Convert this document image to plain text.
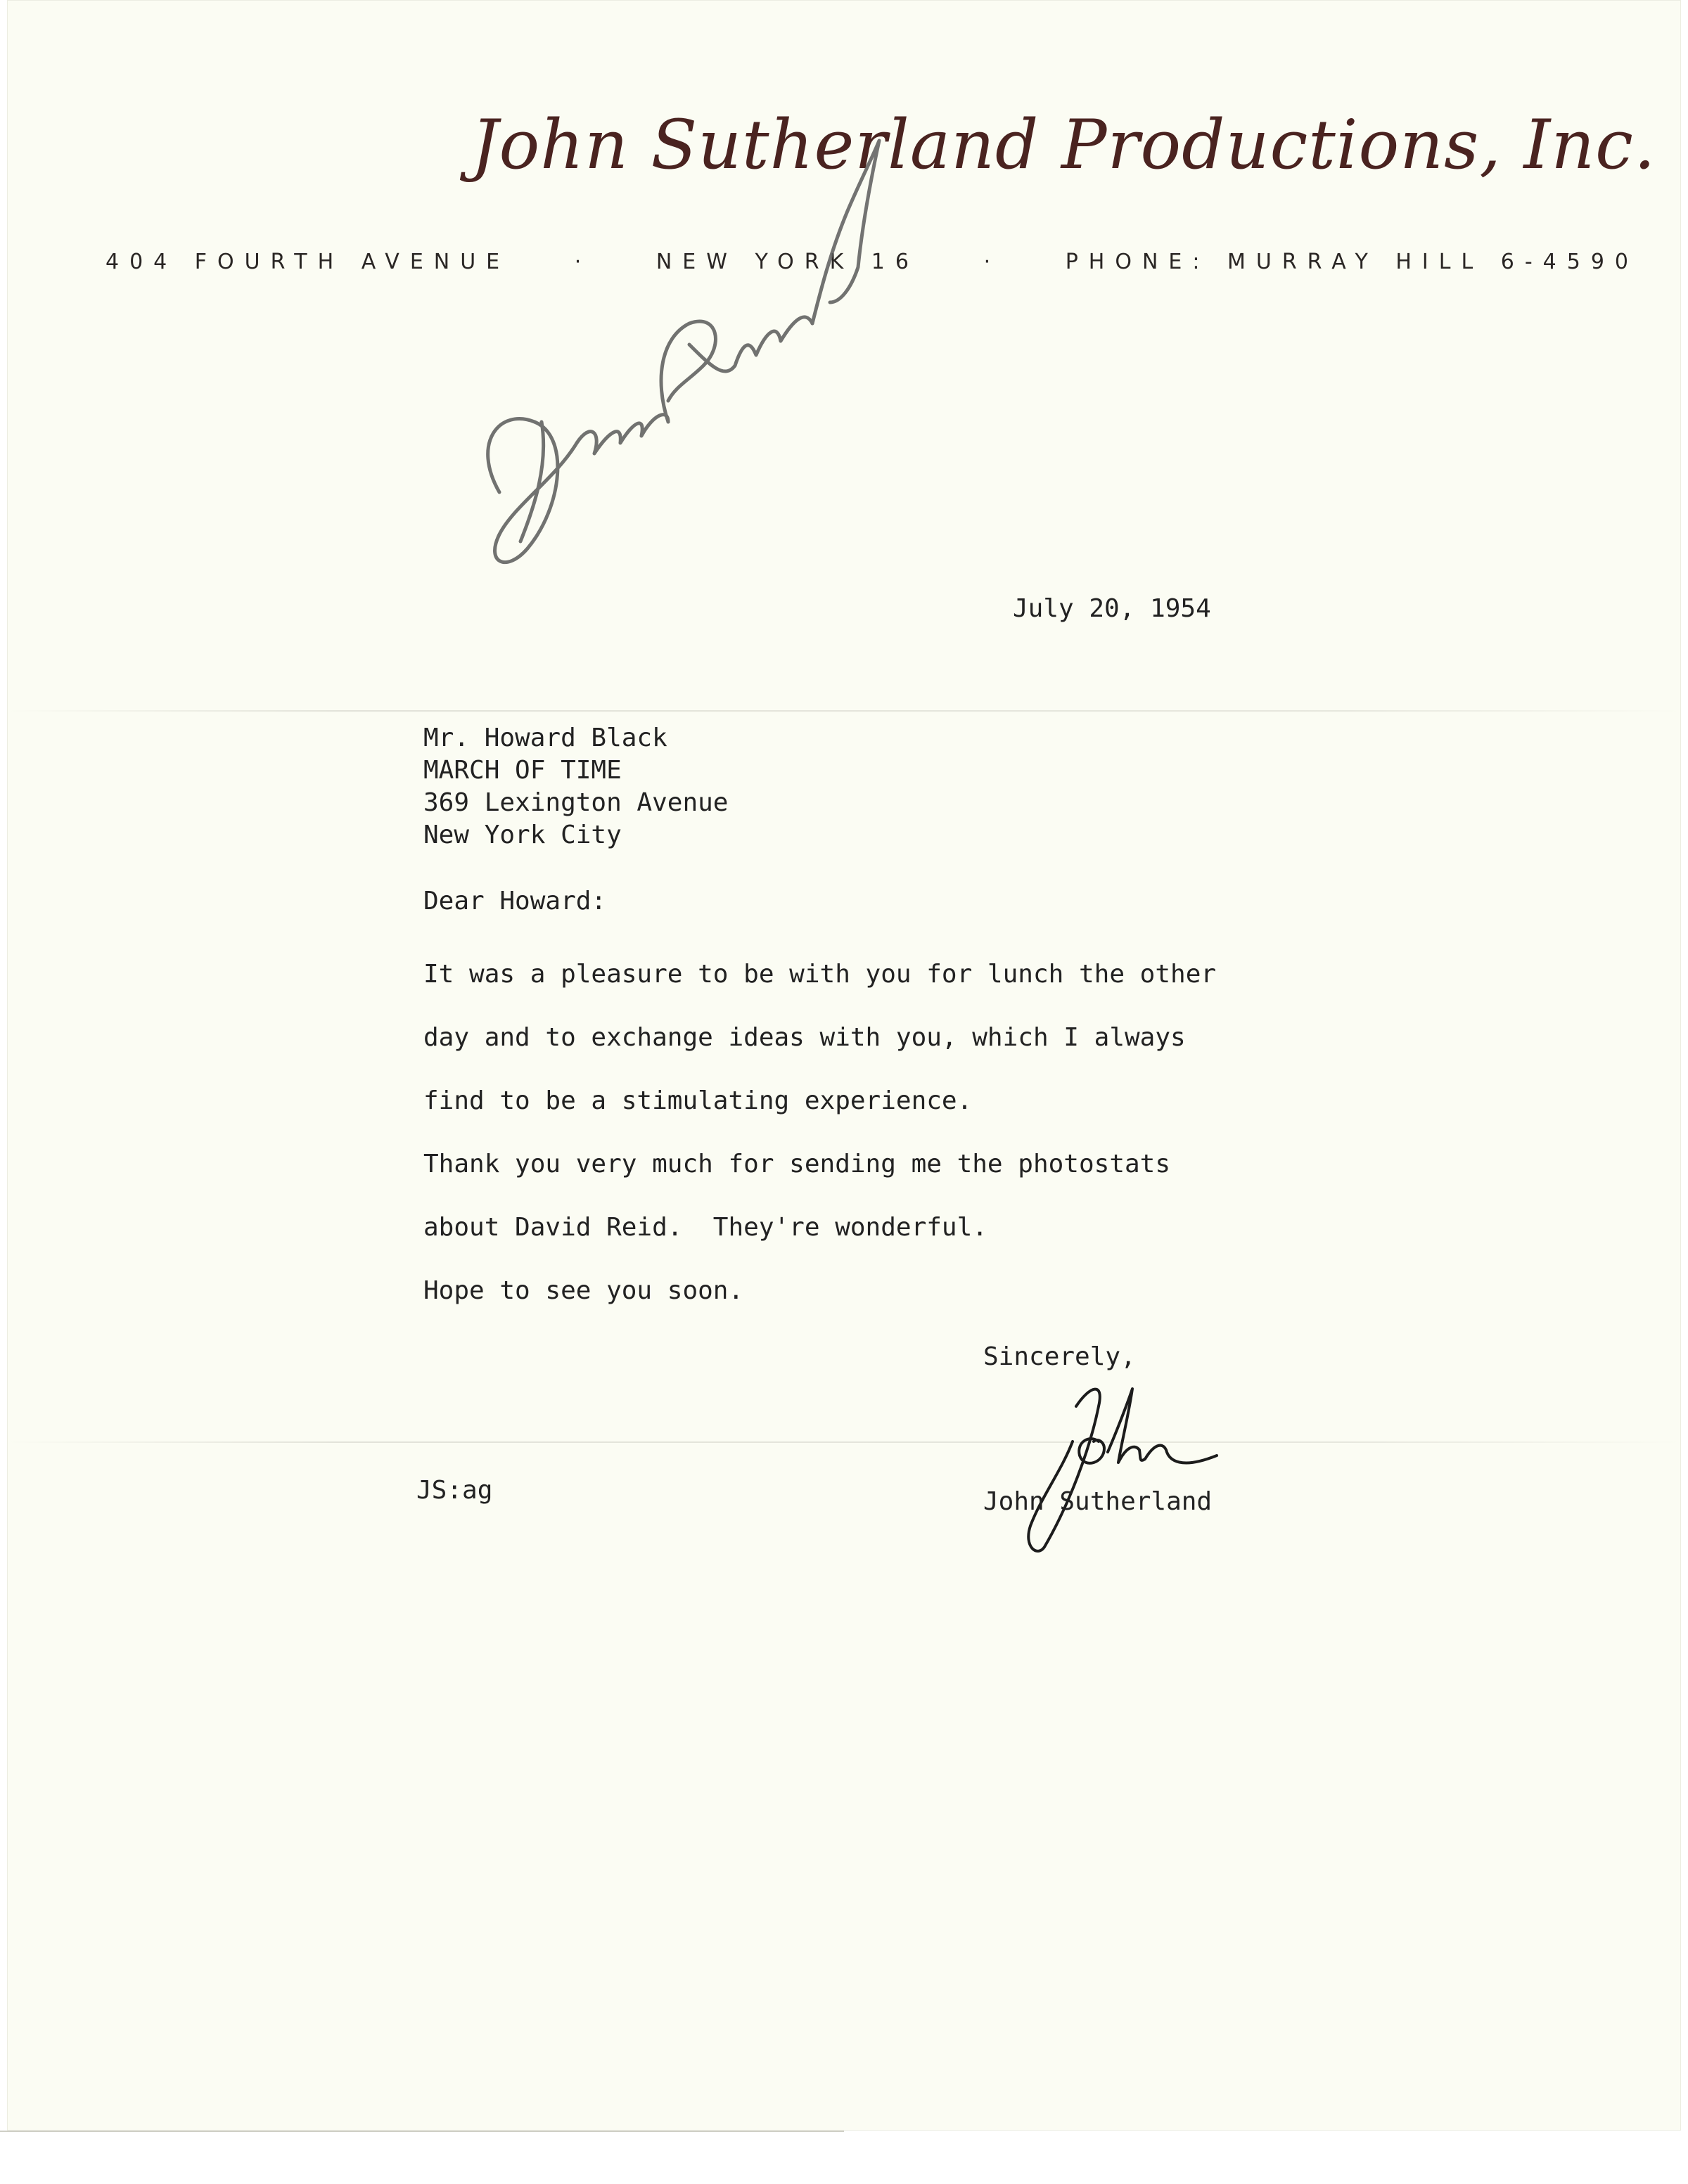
John Sutherland Productions, Inc.
404 FOURTH AVENUE	·	NEW YORK 16	·	PHONE: MURRAY HILL 6-4590
July 20, 1954
Mr. Howard Black
MARCH OF TIME
369 Lexington Avenue
New York City
Dear Howard:
It was a pleasure to be with you for lunch the other
day and to exchange ideas with you, which I always
find to be a stimulating experience.
Thank you very much for sending me the photostats
about David Reid.  They're wonderful.
Hope to see you soon.
Sincerely,
JS:ag	John Sutherland
